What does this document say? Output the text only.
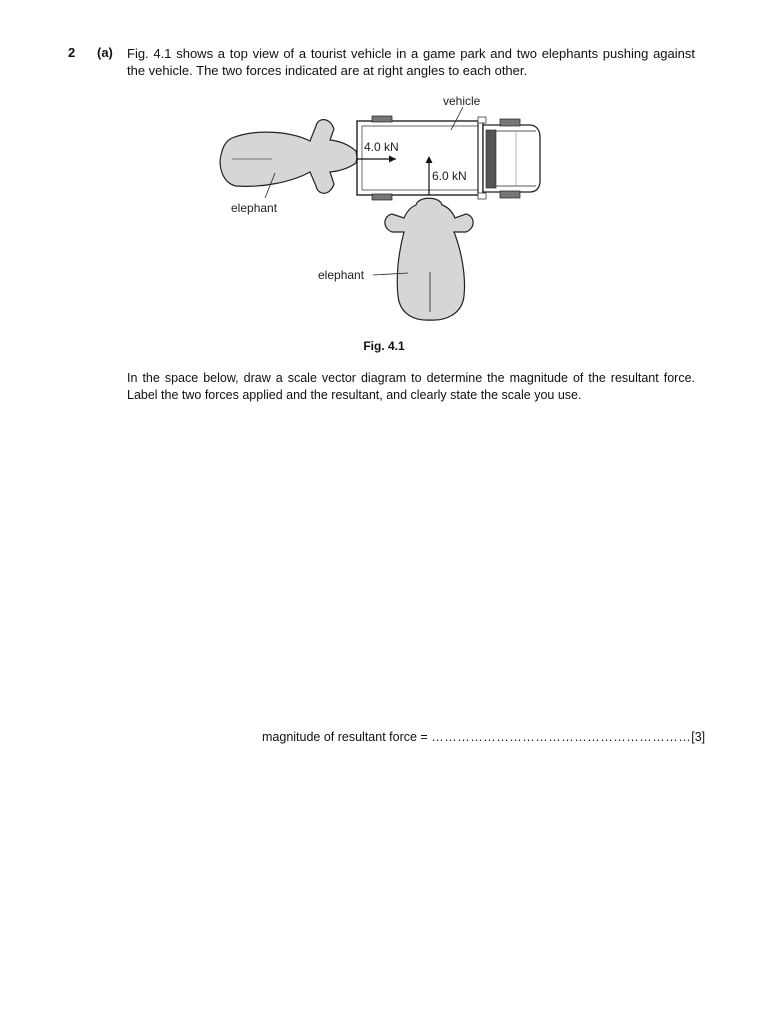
2 (a) Fig. 4.1 shows a top view of a tourist vehicle in a game park and two elephants pushing against the vehicle. The two forces indicated are at right angles to each other.
vehicle
4.0 kN
6.0 kN
elephant
elephant
Fig. 4.1
In the space below, draw a scale vector diagram to determine the magnitude of the resultant force. Label the two forces applied and the resultant, and clearly state the scale you use.
magnitude of resultant force = ……………………………………………………[3]
